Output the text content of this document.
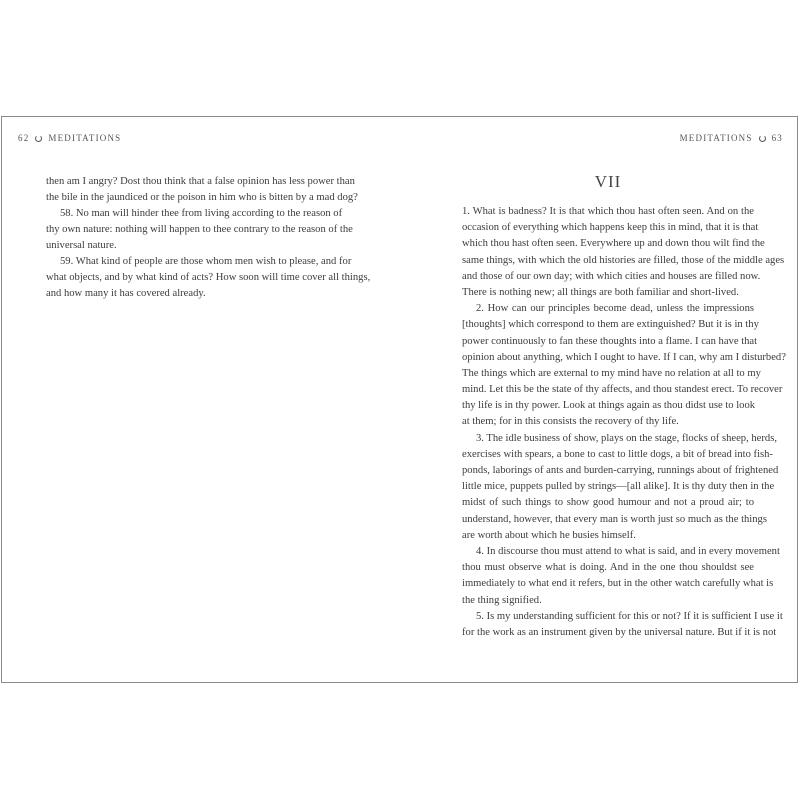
62 MEDITATIONS	MEDITATIONS 63
VII
then am I angry? Dost thou think that a false opinion has less power than
the bile in the jaundiced or the poison in him who is bitten by a mad dog?
58. No man will hinder thee from living according to the reason of
thy own nature: nothing will happen to thee contrary to the reason of the
universal nature.
59. What kind of people are those whom men wish to please, and for
what objects, and by what kind of acts? How soon will time cover all things,
and how many it has covered already.
1. What is badness? It is that which thou hast often seen. And on the
occasion of everything which happens keep this in mind, that it is that
which thou hast often seen. Everywhere up and down thou wilt find the
same things, with which the old histories are filled, those of the middle ages
and those of our own day; with which cities and houses are filled now.
There is nothing new; all things are both familiar and short-lived.
2. How can our principles become dead, unless the impressions
[thoughts] which correspond to them are extinguished? But it is in thy
power continuously to fan these thoughts into a flame. I can have that
opinion about anything, which I ought to have. If I can, why am I disturbed?
The things which are external to my mind have no relation at all to my
mind. Let this be the state of thy affects, and thou standest erect. To recover
thy life is in thy power. Look at things again as thou didst use to look
at them; for in this consists the recovery of thy life.
3. The idle business of show, plays on the stage, flocks of sheep, herds,
exercises with spears, a bone to cast to little dogs, a bit of bread into fish-
ponds, laborings of ants and burden-carrying, runnings about of frightened
little mice, puppets pulled by strings—[all alike]. It is thy duty then in the
midst of such things to show good humour and not a proud air; to
understand, however, that every man is worth just so much as the things
are worth about which he busies himself.
4. In discourse thou must attend to what is said, and in every movement
thou must observe what is doing. And in the one thou shouldst see
immediately to what end it refers, but in the other watch carefully what is
the thing signified.
5. Is my understanding sufficient for this or not? If it is sufficient I use it
for the work as an instrument given by the universal nature. But if it is not
